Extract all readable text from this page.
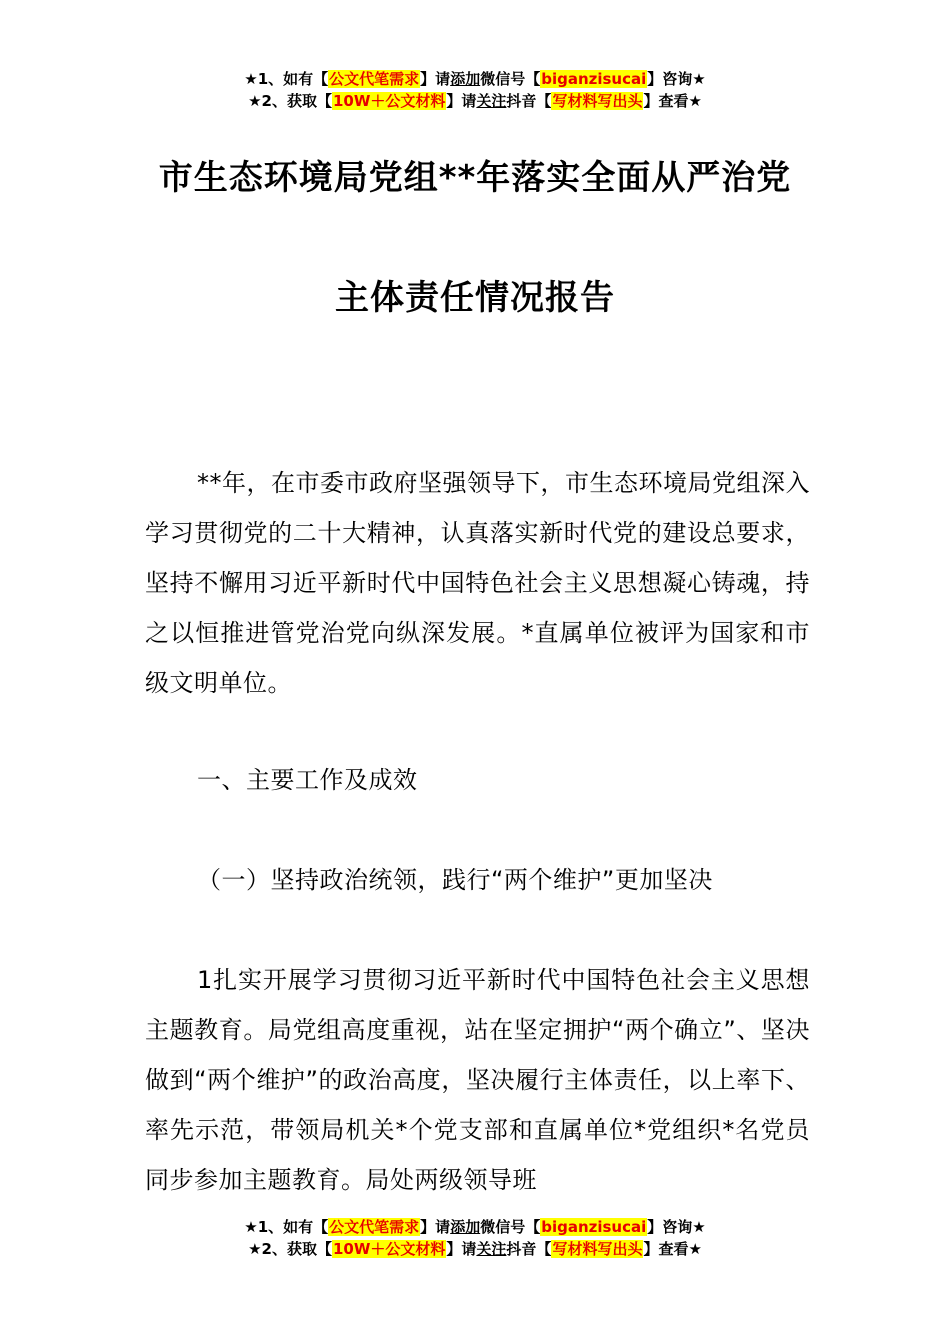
★1、如有【公文代笔需求】请添加微信号【biganzisucai】咨询★
★2、获取【10W＋公文材料】请关注抖音【写材料写出头】查看★
市生态环境局党组**年落实全面从严治党
主体责任情况报告
**年，在市委市政府坚强领导下，市生态环境局党组深入学习贯彻党的二十大精神，认真落实新时代党的建设总要求，坚持不懈用习近平新时代中国特色社会主义思想凝心铸魂，持之以恒推进管党治党向纵深发展。*直属单位被评为国家和市级文明单位。
一、主要工作及成效
（一）坚持政治统领，践行“两个维护”更加坚决
1扎实开展学习贯彻习近平新时代中国特色社会主义思想主题教育。局党组高度重视，站在坚定拥护“两个确立”、坚决做到“两个维护”的政治高度，坚决履行主体责任，以上率下、率先示范，带领局机关*个党支部和直属单位*党组织*名党员同步参加主题教育。局处两级领导班
★1、如有【公文代笔需求】请添加微信号【biganzisucai】咨询★
★2、获取【10W＋公文材料】请关注抖音【写材料写出头】查看★
